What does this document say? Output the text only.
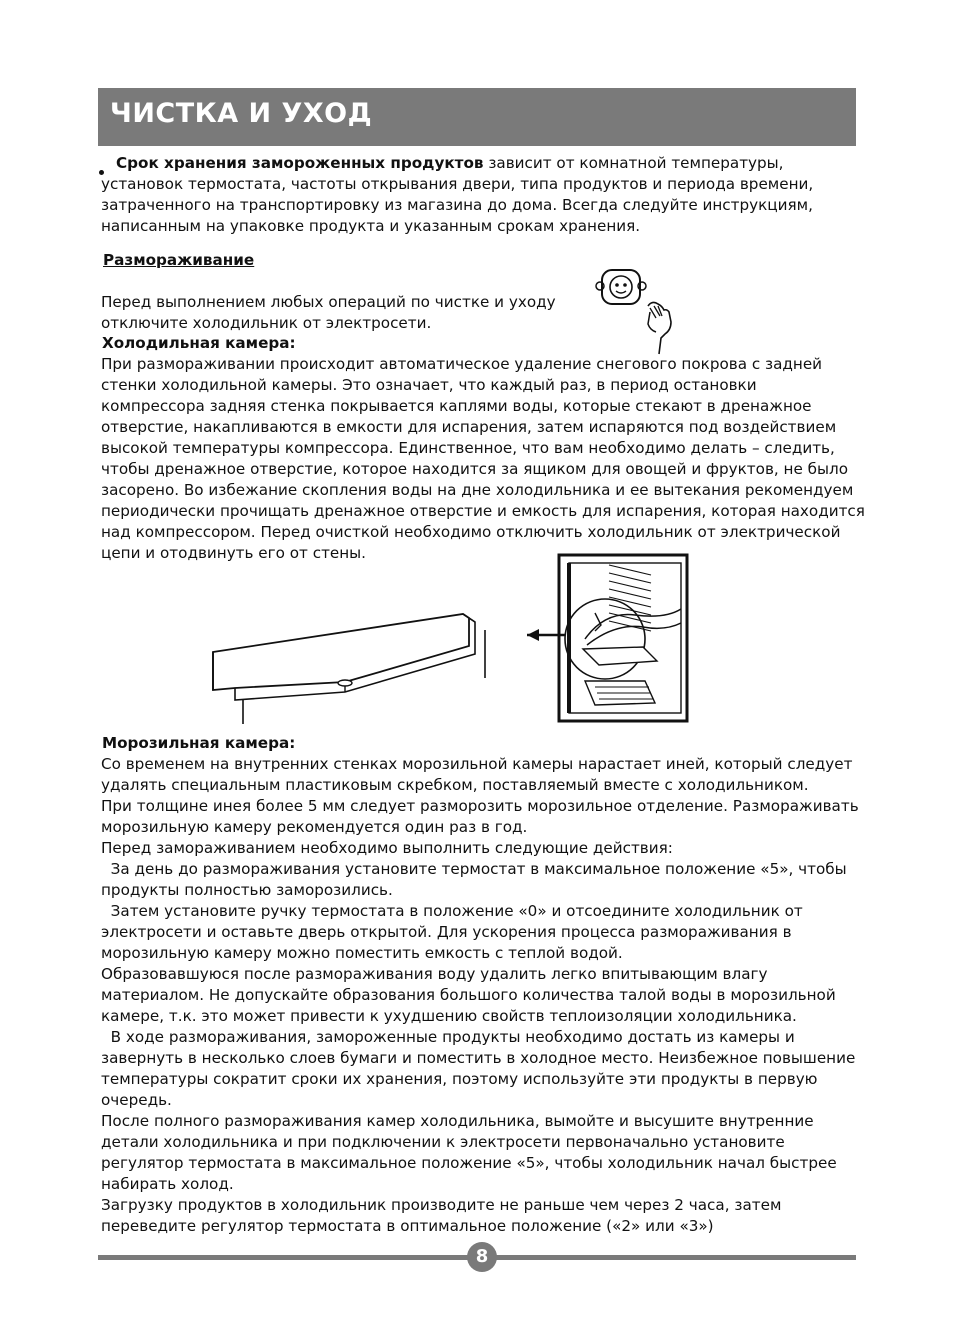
ЧИСТКА И УХОД
Срок хранения замороженных продуктов зависит от комнатной температуры,
установок термостата, частоты открывания двери, типа продуктов и периода времени,
затраченного на транспортировку из магазина до дома. Всегда следуйте инструкциям,
написанным на упаковке продукта и указанным срокам хранения.
Размораживание
Перед выполнением любых операций по чистке и уходу
отключите холодильник от электросети.
Холодильная камера:
При размораживании происходит автоматическое удаление снегового покрова с задней
стенки холодильной камеры. Это означает, что каждый раз, в период остановки
компрессора задняя стенка покрывается каплями воды, которые стекают в дренажное
отверстие, накапливаются в емкости для испарения, затем испаряются под воздействием
высокой температуры компрессора. Единственное, что вам необходимо делать – следить,
чтобы дренажное отверстие, которое находится за ящиком для овощей и фруктов, не было
засорено. Во избежание скопления воды на дне холодильника и ее вытекания рекомендуем
периодически прочищать дренажное отверстие и емкость для испарения, которая находится
над компрессором. Перед очисткой необходимо отключить холодильник от электрической
цепи и отодвинуть его от стены.
Морозильная камера:
Со временем на внутренних стенках морозильной камеры нарастает иней, который следует
удалять специальным пластиковым скребком, поставляемый вместе с холодильником.
При толщине инея более 5 мм следует разморозить морозильное отделение. Размораживать
морозильную камеру рекомендуется один раз в год.
Перед замораживанием необходимо выполнить следующие действия:
За день до размораживания установите термостат в максимальное положение «5», чтобы
продукты полностью заморозились.
Затем установите ручку термостата в положение «0» и отсоедините холодильник от
электросети и оставьте дверь открытой. Для ускорения процесса размораживания в
морозильную камеру можно поместить емкость с теплой водой.
Образовавшуюся после размораживания воду удалить легко впитывающим влагу
материалом. Не допускайте образования большого количества талой воды в морозильной
камере, т.к. это может привести к ухудшению свойств теплоизоляции холодильника.
В ходе размораживания, замороженные продукты необходимо достать из камеры и
завернуть в несколько слоев бумаги и поместить в холодное место. Неизбежное повышение
температуры сократит сроки их хранения, поэтому используйте эти продукты в первую
очередь.
После полного размораживания камер холодильника, вымойте и высушите внутренние
детали холодильника и при подключении к электросети первоначально установите
регулятор термостата в максимальное положение «5», чтобы холодильник начал быстрее
набирать холод.
Загрузку продуктов в холодильник производите не раньше чем через 2 часа, затем
переведите регулятор термостата в оптимальное положение («2» или «3»)
8
